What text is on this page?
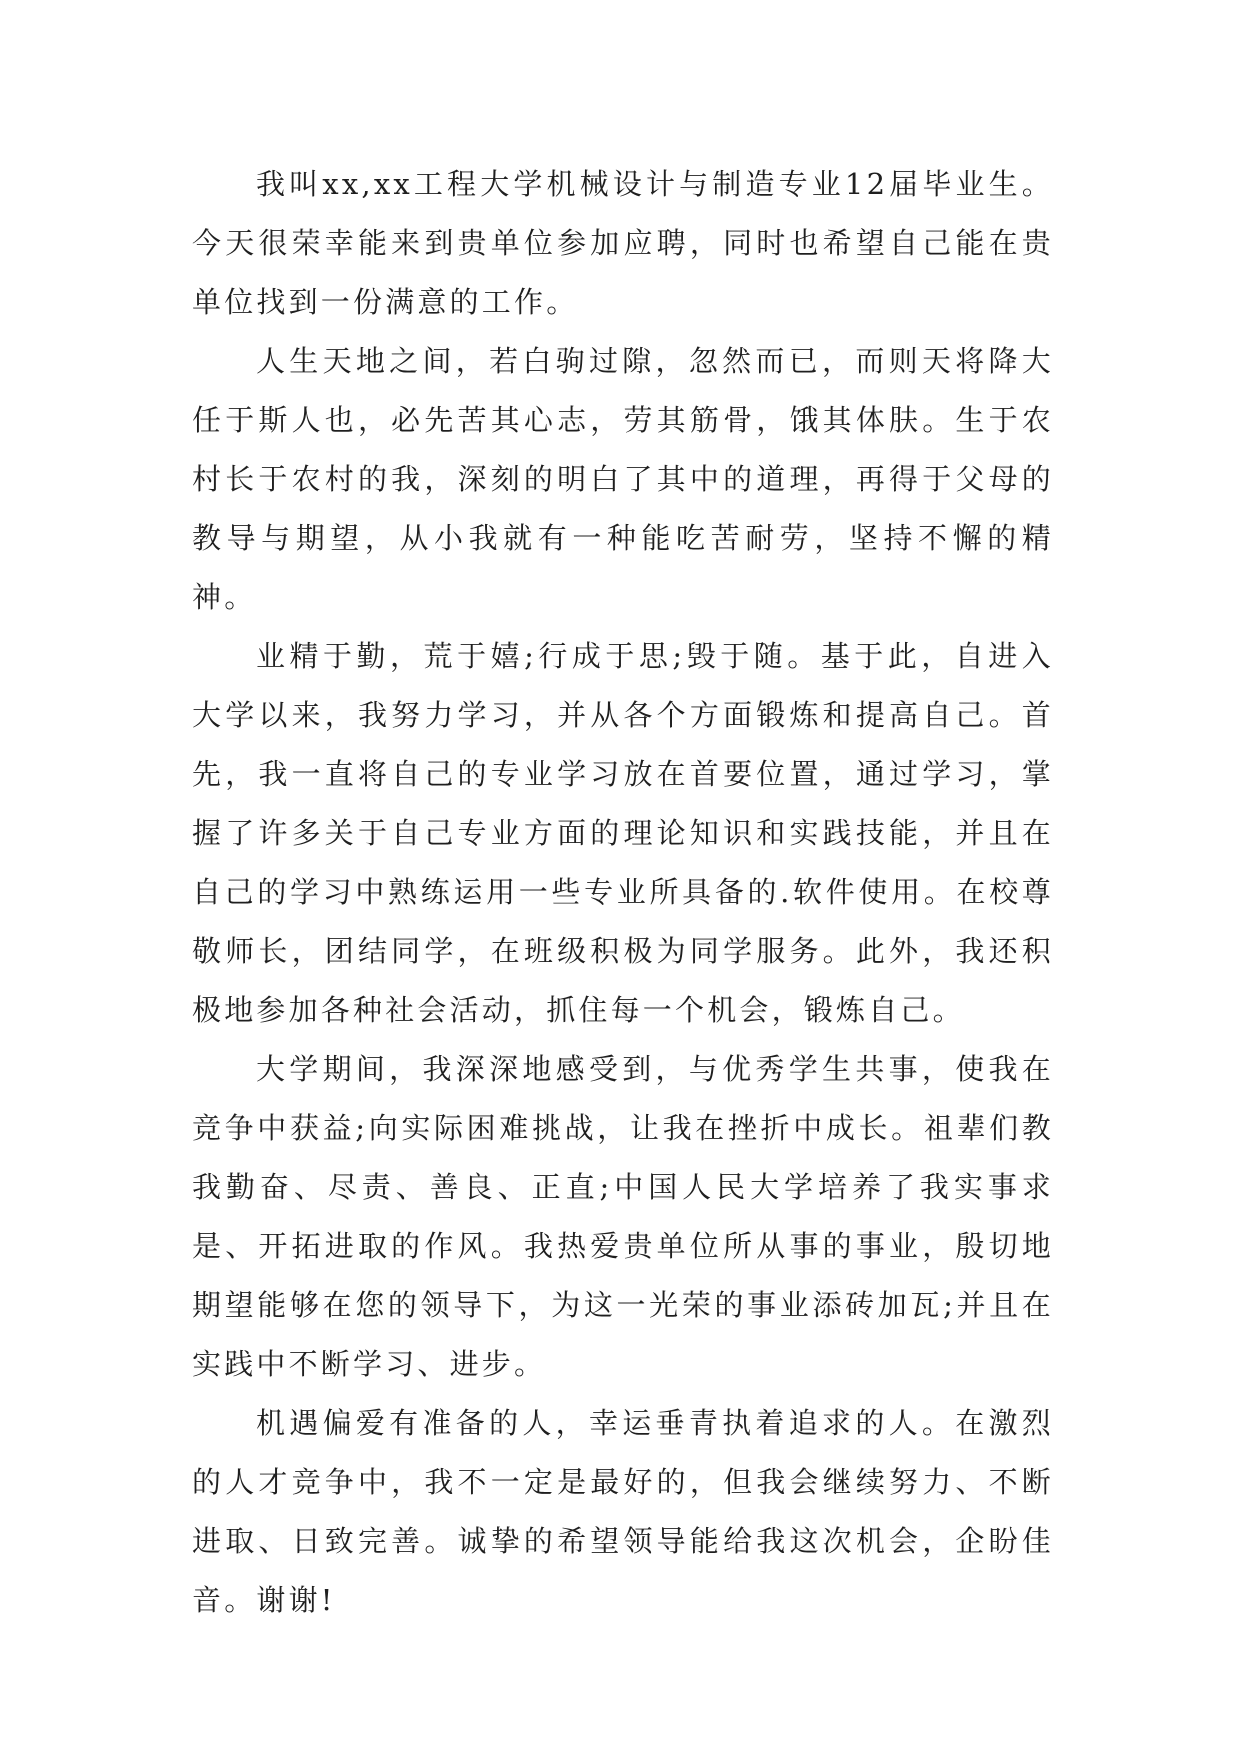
我叫xx,xx工程大学机械设计与制造专业12届毕业生。今天很荣幸能来到贵单位参加应聘，同时也希望自己能在贵单位找到一份满意的工作。

人生天地之间，若白驹过隙，忽然而已，而则天将降大任于斯人也，必先苦其心志，劳其筋骨，饿其体肤。生于农村长于农村的我，深刻的明白了其中的道理，再得于父母的教导与期望，从小我就有一种能吃苦耐劳，坚持不懈的精神。

业精于勤，荒于嬉;行成于思;毁于随。基于此，自进入大学以来，我努力学习，并从各个方面锻炼和提高自己。首先，我一直将自己的专业学习放在首要位置，通过学习，掌握了许多关于自己专业方面的理论知识和实践技能，并且在自己的学习中熟练运用一些专业所具备的.软件使用。在校尊敬师长，团结同学，在班级积极为同学服务。此外，我还积极地参加各种社会活动，抓住每一个机会，锻炼自己。

大学期间，我深深地感受到，与优秀学生共事，使我在竞争中获益;向实际困难挑战，让我在挫折中成长。祖辈们教我勤奋、尽责、善良、正直;中国人民大学培养了我实事求是、开拓进取的作风。我热爱贵单位所从事的事业，殷切地期望能够在您的领导下，为这一光荣的事业添砖加瓦;并且在实践中不断学习、进步。

机遇偏爱有准备的人，幸运垂青执着追求的人。在激烈的人才竞争中，我不一定是最好的，但我会继续努力、不断进取、日致完善。诚挚的希望领导能给我这次机会，企盼佳音。谢谢!
